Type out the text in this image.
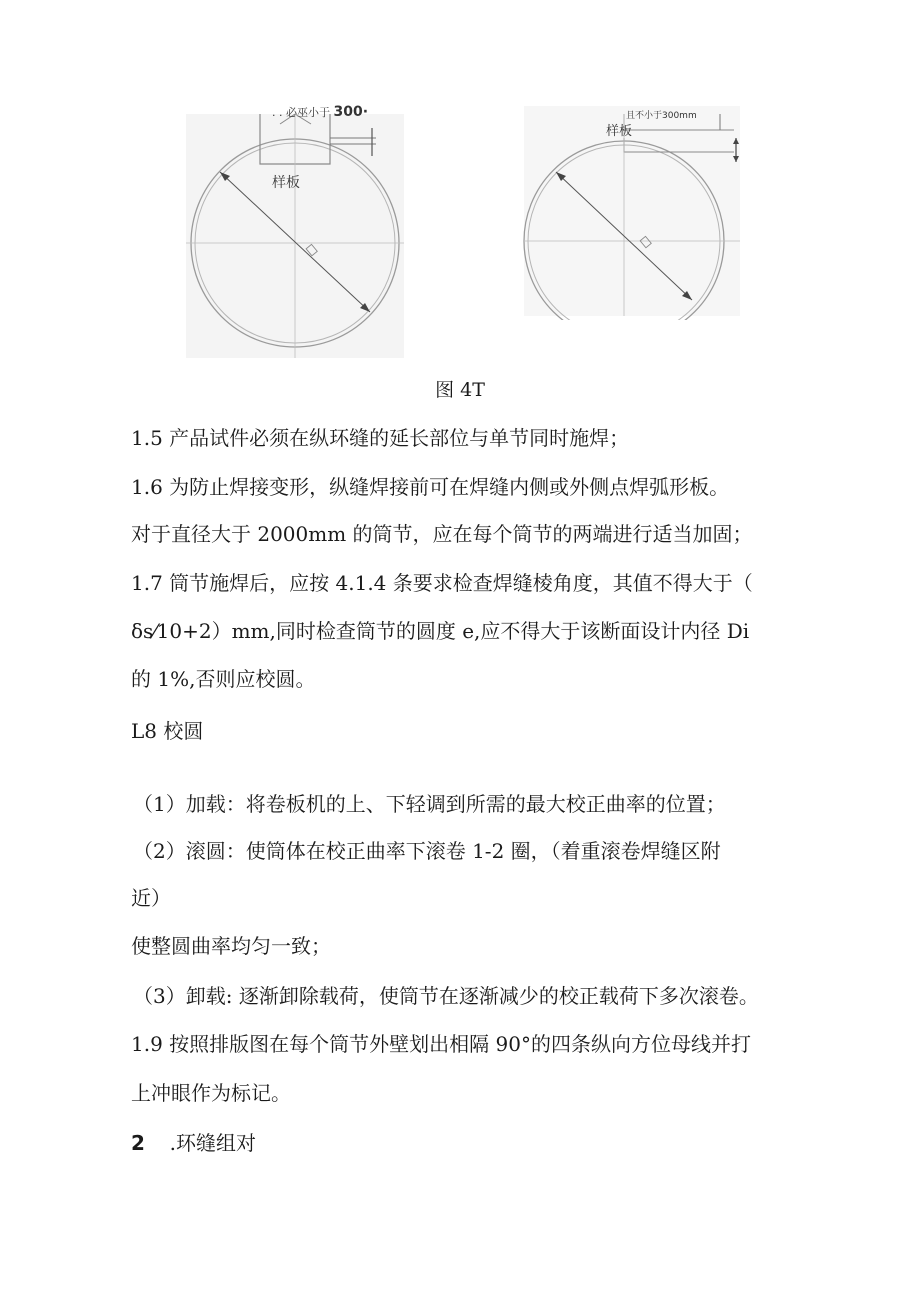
. . 必巫小于 300·
样板
且不小于300mm
样板
图 4T
1.5 产品试件必须在纵环缝的延长部位与单节同时施焊；
1.6 为防止焊接变形，纵缝焊接前可在焊缝内侧或外侧点焊弧形板。
对于直径大于 2000mm 的筒节，应在每个筒节的两端进行适当加固；
1.7 筒节施焊后，应按 4.1.4 条要求检查焊缝棱角度，其值不得大于（
δs⁄10+2）mm,同时检查筒节的圆度 e,应不得大于该断面设计内径 Di
的 1%,否则应校圆。
L8 校圆
（1）加载：将卷板机的上、下轻调到所需的最大校正曲率的位置；
（2）滚圆：使筒体在校正曲率下滚卷 1-2 圈，（着重滚卷焊缝区附
近）
使整圆曲率均匀一致；
（3）卸载: 逐渐卸除载荷，使筒节在逐渐减少的校正载荷下多次滚卷。
1.9 按照排版图在每个筒节外壁划出相隔 90°的四条纵向方位母线并打
上冲眼作为标记。
2 .环缝组对
